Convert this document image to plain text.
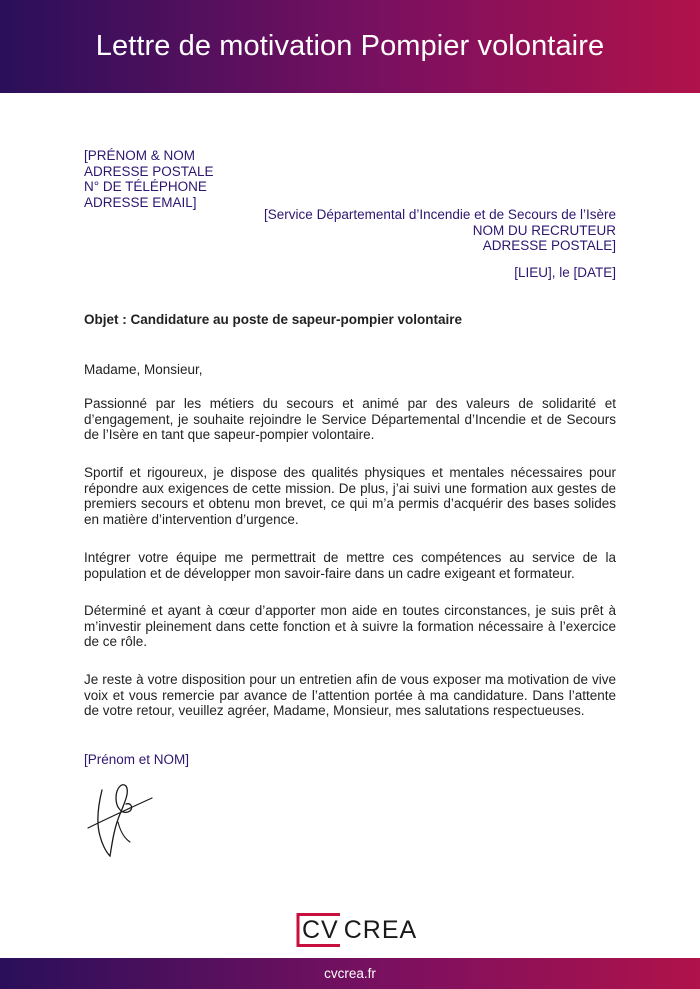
Lettre de motivation Pompier volontaire
[PRÉNOM & NOM
ADRESSE POSTALE
N° DE TÉLÉPHONE
ADRESSE EMAIL]
[Service Départemental d’Incendie et de Secours de l’Isère
NOM DU RECRUTEUR
ADRESSE POSTALE]
[LIEU], le [DATE]
Objet : Candidature au poste de sapeur-pompier volontaire
Madame, Monsieur,

Passionné par les métiers du secours et animé par des valeurs de solidarité et d’engagement, je souhaite rejoindre le Service Départemental d’Incendie et de Secours de l’Isère en tant que sapeur-pompier volontaire.

Sportif et rigoureux, je dispose des qualités physiques et mentales nécessaires pour répondre aux exigences de cette mission. De plus, j’ai suivi une formation aux gestes de premiers secours et obtenu mon brevet, ce qui m’a permis d’acquérir des bases solides en matière d’intervention d’urgence.

Intégrer votre équipe me permettrait de mettre ces compétences au service de la population et de développer mon savoir-faire dans un cadre exigeant et formateur.

Déterminé et ayant à cœur d’apporter mon aide en toutes circonstances, je suis prêt à m’investir pleinement dans cette fonction et à suivre la formation nécessaire à l’exercice de ce rôle.

Je reste à votre disposition pour un entretien afin de vous exposer ma motivation de vive voix et vous remercie par avance de l’attention portée à ma candidature. Dans l’attente de votre retour, veuillez agréer, Madame, Monsieur, mes salutations respectueuses.

[Prénom et NOM]
CV CREA
cvcrea.fr
